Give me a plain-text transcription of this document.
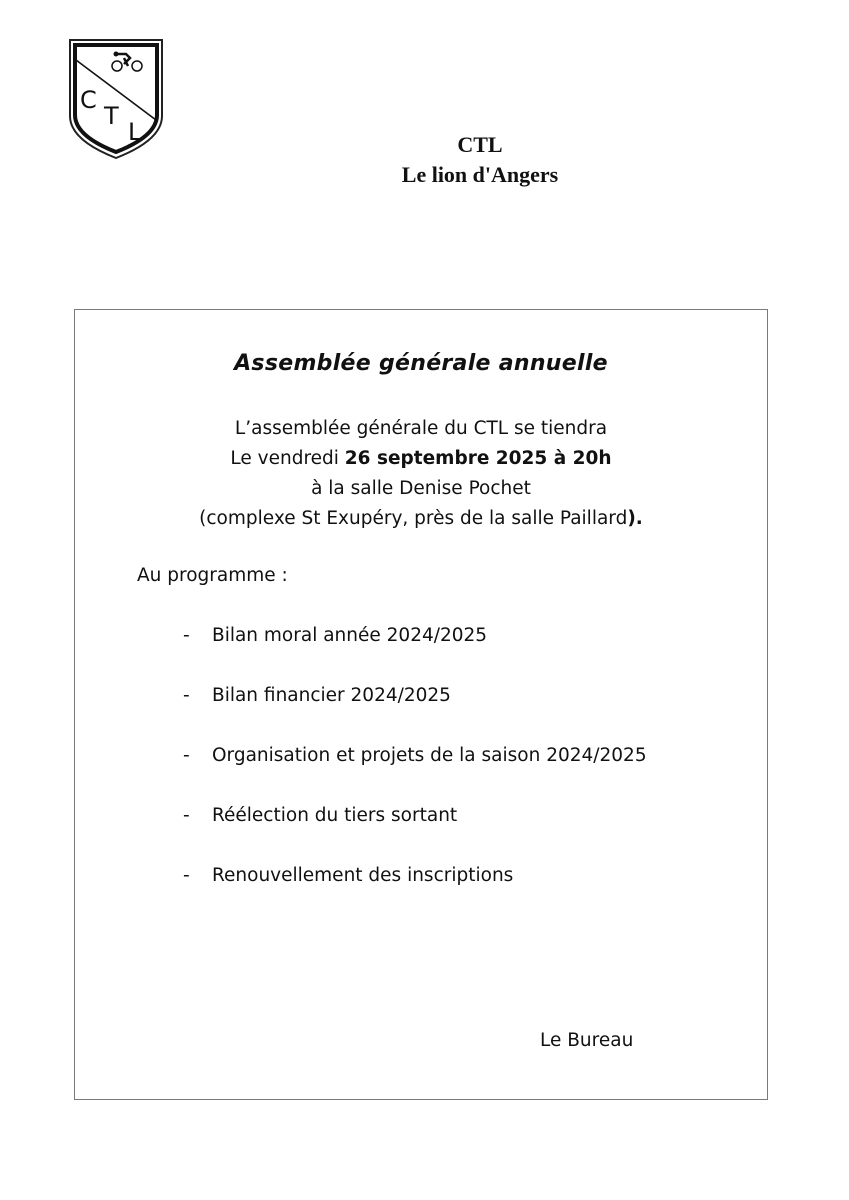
C
T
L	CTL
Le lion d'Angers
Assemblée générale annuelle
L’assemblée générale du CTL se tiendra
Le vendredi 26 septembre 2025 à 20h
à la salle Denise Pochet
(complexe St Exupéry, près de la salle Paillard).
Au programme :
- Bilan moral année 2024/2025
- Bilan financier 2024/2025
- Organisation et projets de la saison 2024/2025
- Réélection du tiers sortant
- Renouvellement des inscriptions
Le Bureau
